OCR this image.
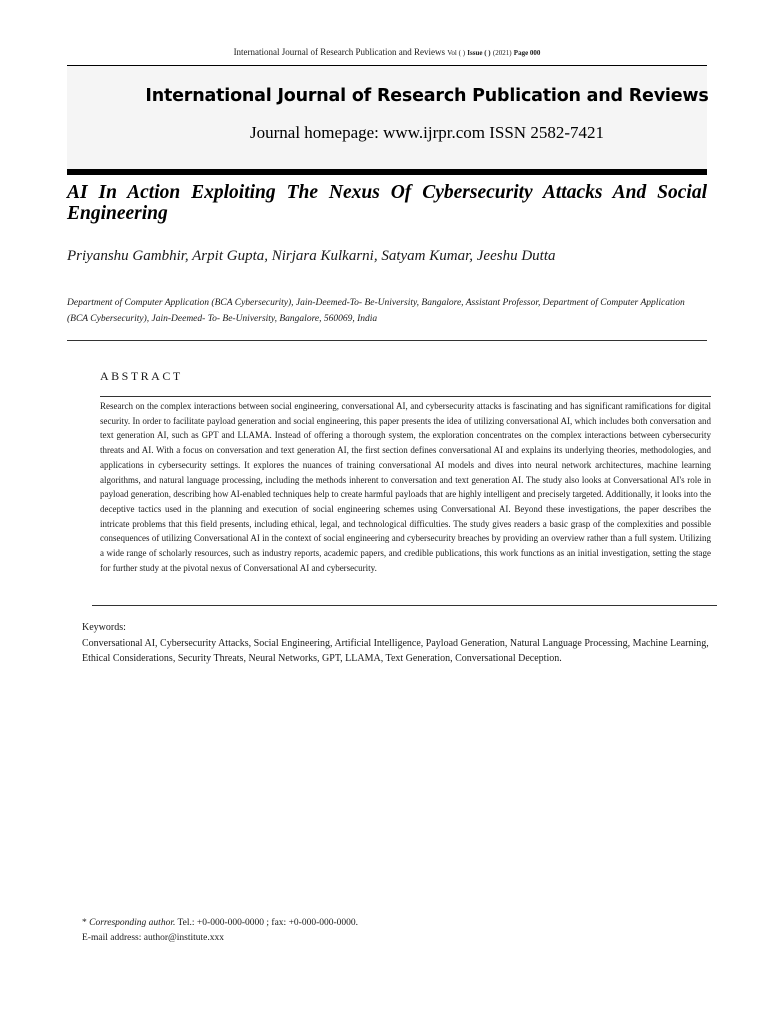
International Journal of Research Publication and Reviews Vol ( ) Issue ( ) (2021) Page 000
International Journal of Research Publication and Reviews
Journal homepage: www.ijrpr.com ISSN 2582-7421
AI In Action Exploiting The Nexus Of Cybersecurity Attacks And Social Engineering
Priyanshu Gambhir, Arpit Gupta, Nirjara Kulkarni, Satyam Kumar, Jeeshu Dutta
Department of Computer Application (BCA Cybersecurity), Jain-Deemed-To- Be-University, Bangalore, Assistant Professor, Department of Computer Application (BCA Cybersecurity), Jain-Deemed- To- Be-University, Bangalore, 560069, India
ABSTRACT
Research on the complex interactions between social engineering, conversational AI, and cybersecurity attacks is fascinating and has significant ramifications for digital security. In order to facilitate payload generation and social engineering, this paper presents the idea of utilizing conversational AI, which includes both conversation and text generation AI, such as GPT and LLAMA. Instead of offering a thorough system, the exploration concentrates on the complex interactions between cybersecurity threats and AI. With a focus on conversation and text generation AI, the first section defines conversational AI and explains its underlying theories, methodologies, and applications in cybersecurity settings. It explores the nuances of training conversational AI models and dives into neural network architectures, machine learning algorithms, and natural language processing, including the methods inherent to conversation and text generation AI. The study also looks at Conversational AI's role in payload generation, describing how AI-enabled techniques help to create harmful payloads that are highly intelligent and precisely targeted. Additionally, it looks into the deceptive tactics used in the planning and execution of social engineering schemes using Conversational AI. Beyond these investigations, the paper describes the intricate problems that this field presents, including ethical, legal, and technological difficulties. The study gives readers a basic grasp of the complexities and possible consequences of utilizing Conversational AI in the context of social engineering and cybersecurity breaches by providing an overview rather than a full system. Utilizing a wide range of scholarly resources, such as industry reports, academic papers, and credible publications, this work functions as an initial investigation, setting the stage for further study at the pivotal nexus of Conversational AI and cybersecurity.
Keywords:
Conversational AI, Cybersecurity Attacks, Social Engineering, Artificial Intelligence, Payload Generation, Natural Language Processing, Machine Learning, Ethical Considerations, Security Threats, Neural Networks, GPT, LLAMA, Text Generation, Conversational Deception.
* Corresponding author. Tel.: +0-000-000-0000 ; fax: +0-000-000-0000.
E-mail address: author@institute.xxx
